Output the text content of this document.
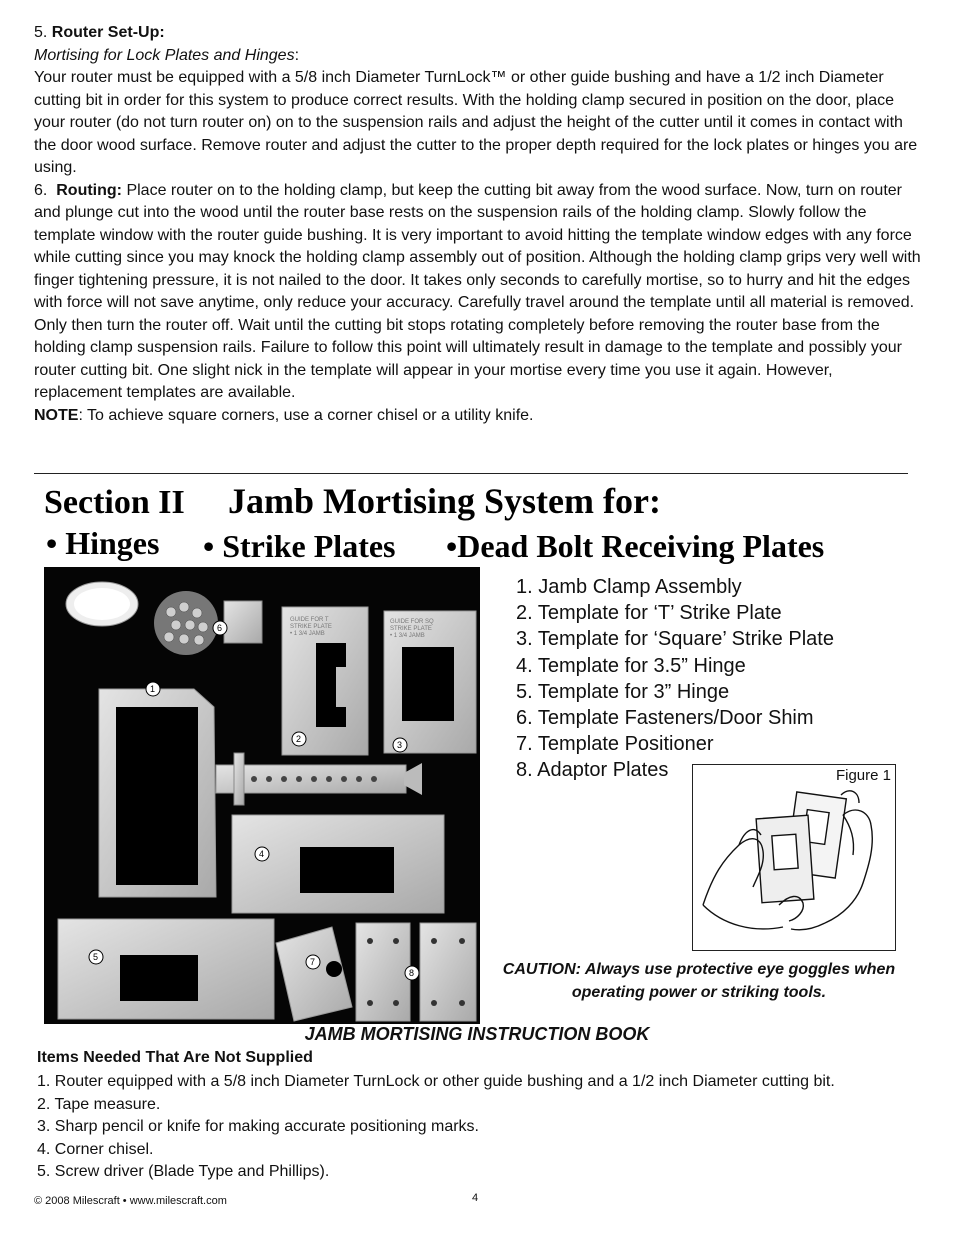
5. Router Set-Up:
Mortising for Lock Plates and Hinges:
Your router must be equipped with a 5/8 inch Diameter TurnLock™ or other guide bushing and have a 1/2 inch Diameter cutting bit in order for this system to produce correct results. With the holding clamp secured in position on the door, place your router (do not turn router on) on to the suspension rails and adjust the height of the cutter until it comes in contact with the door wood surface. Remove router and adjust the cutter to the proper depth required for the lock plates or hinges you are using.
6. Routing: Place router on to the holding clamp, but keep the cutting bit away from the wood surface. Now, turn on router and plunge cut into the wood until the router base rests on the suspension rails of the holding clamp. Slowly follow the template window with the router guide bushing. It is very important to avoid hitting the template window edges with any force while cutting since you may knock the holding clamp assembly out of position. Although the holding clamp grips very well with finger tightening pressure, it is not nailed to the door. It takes only seconds to carefully mortise, so to hurry and hit the edges with force will not save anytime, only reduce your accuracy. Carefully travel around the template until all material is removed. Only then turn the router off. Wait until the cutting bit stops rotating completely before removing the router base from the holding clamp suspension rails. Failure to follow this point will ultimately result in damage to the template and possibly your router cutting bit. One slight nick in the template will appear in your mortise every time you use it again. However, replacement templates are available.
NOTE: To achieve square corners, use a corner chisel or a utility knife.
Section II Jamb Mortising System for:
• Hinges • Strike Plates •Dead Bolt Receiving Plates
GUIDE FOR T
STRIKE PLATE
• 1 3/4 JAMB
GUIDE FOR SQ
STRIKE PLATE
• 1 3/4 JAMB
1
2
3
4
5
6
7
8
1. Jamb Clamp Assembly
2. Template for ‘T’ Strike Plate
3. Template for ‘Square’ Strike Plate
4. Template for 3.5” Hinge
5. Template for 3” Hinge
6. Template Fasteners/Door Shim
7. Template Positioner
8. Adaptor Plates	Figure 1
CAUTION: Always use protective eye goggles when operating power or striking tools.
JAMB MORTISING INSTRUCTION BOOK
Items Needed That Are Not Supplied
1. Router equipped with a 5/8 inch Diameter TurnLock or other guide bushing and a 1/2 inch Diameter cutting bit.
2. Tape measure.
3. Sharp pencil or knife for making accurate positioning marks.
4. Corner chisel.
5. Screw driver (Blade Type and Phillips).
© 2008 Milescraft • www.milescraft.com	4
